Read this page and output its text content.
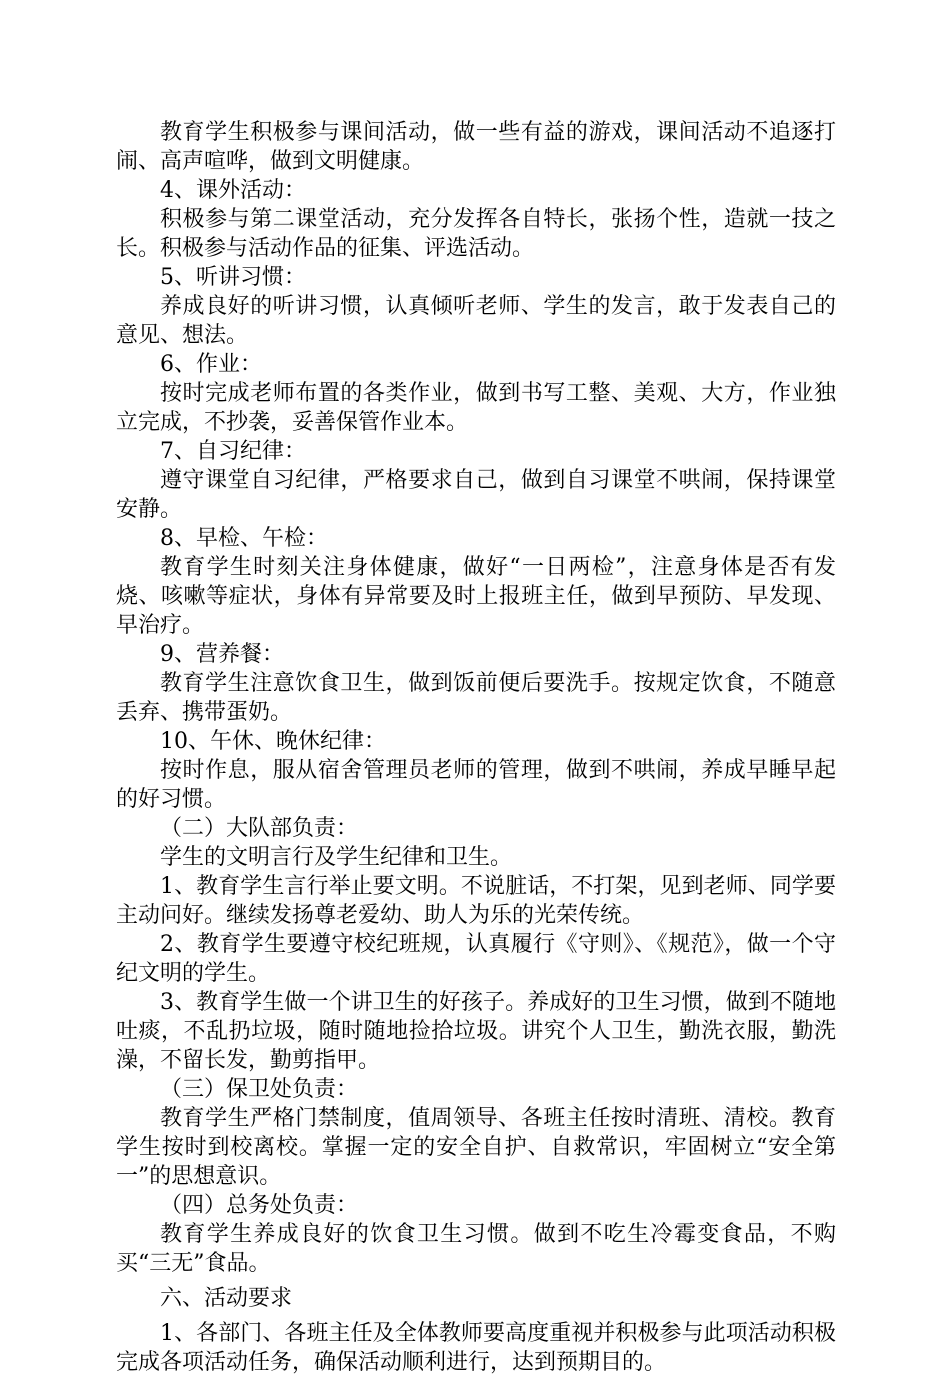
教育学生积极参与课间活动，做一些有益的游戏，课间活动不追逐打闹、高声喧哗，做到文明健康。

4、课外活动：

积极参与第二课堂活动，充分发挥各自特长，张扬个性，造就一技之长。积极参与活动作品的征集、评选活动。

5、听讲习惯：

养成良好的听讲习惯，认真倾听老师、学生的发言，敢于发表自己的意见、想法。

6、作业：

按时完成老师布置的各类作业，做到书写工整、美观、大方，作业独立完成，不抄袭，妥善保管作业本。

7、自习纪律：

遵守课堂自习纪律，严格要求自己，做到自习课堂不哄闹，保持课堂安静。

8、早检、午检：

教育学生时刻关注身体健康，做好“一日两检”，注意身体是否有发烧、咳嗽等症状，身体有异常要及时上报班主任，做到早预防、早发现、早治疗。

9、营养餐：

教育学生注意饮食卫生，做到饭前便后要洗手。按规定饮食，不随意丢弃、携带蛋奶。

10、午休、晚休纪律：

按时作息，服从宿舍管理员老师的管理，做到不哄闹，养成早睡早起的好习惯。

（二）大队部负责：

学生的文明言行及学生纪律和卫生。

1、教育学生言行举止要文明。不说脏话，不打架，见到老师、同学要主动问好。继续发扬尊老爱幼、助人为乐的光荣传统。

2、教育学生要遵守校纪班规，认真履行《守则》、《规范》，做一个守纪文明的学生。

3、教育学生做一个讲卫生的好孩子。养成好的卫生习惯，做到不随地吐痰，不乱扔垃圾，随时随地捡拾垃圾。讲究个人卫生，勤洗衣服，勤洗澡，不留长发，勤剪指甲。

（三）保卫处负责：

教育学生严格门禁制度，值周领导、各班主任按时清班、清校。教育学生按时到校离校。掌握一定的安全自护、自救常识，牢固树立“安全第一”的思想意识。

（四）总务处负责：

教育学生养成良好的饮食卫生习惯。做到不吃生冷霉变食品，不购买“三无”食品。

六、活动要求

1、各部门、各班主任及全体教师要高度重视并积极参与此项活动积极完成各项活动任务，确保活动顺利进行，达到预期目的。
